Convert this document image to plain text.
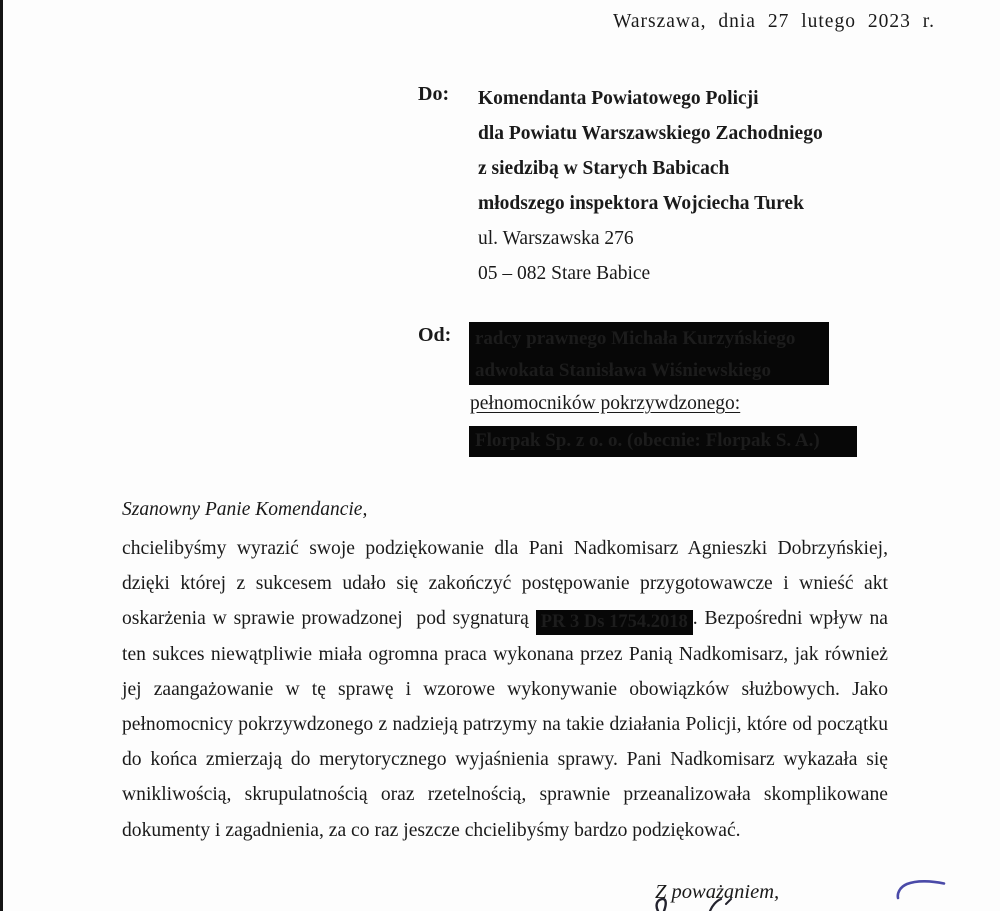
Warszawa, dnia 27 lutego 2023 r.
Do: Komendanta Powiatowego Policji
dla Powiatu Warszawskiego Zachodniego
z siedzibą w Starych Babicach
młodszego inspektora Wojciecha Turek
ul. Warszawska 276
05 – 082 Stare Babice
Od: radcy prawnego Michała Kurzyńskiego
adwokata Stanisława Wiśniewskiego
pełnomocników pokrzywdzonego:
Florpak Sp. z o. o. (obecnie: Florpak S. A.)
Szanowny Panie Komendancie,

chcielibyśmy wyrazić swoje podziękowanie dla Pani Nadkomisarz Agnieszki Dobrzyńskiej, dzięki której z sukcesem udało się zakończyć postępowanie przygotowawcze i wnieść akt oskarżenia w sprawie prowadzonej  pod sygnaturą PR 3 Ds 1754.2018 . Bezpośredni wpływ na ten sukces niewątpliwie miała ogromna praca wykonana przez Panią Nadkomisarz, jak również jej zaangażowanie w tę sprawę i wzorowe wykonywanie obowiązków służbowych. Jako pełnomocnicy pokrzywdzonego z nadzieją patrzymy na takie działania Policji, które od początku do końca zmierzają do merytorycznego wyjaśnienia sprawy. Pani Nadkomisarz wykazała się wnikliwością, skrupulatnością oraz rzetelnością, sprawnie przeanalizowała skomplikowane dokumenty i zagadnienia, za co raz jeszcze chcielibyśmy bardzo podziękować.

Z poważaniem,
